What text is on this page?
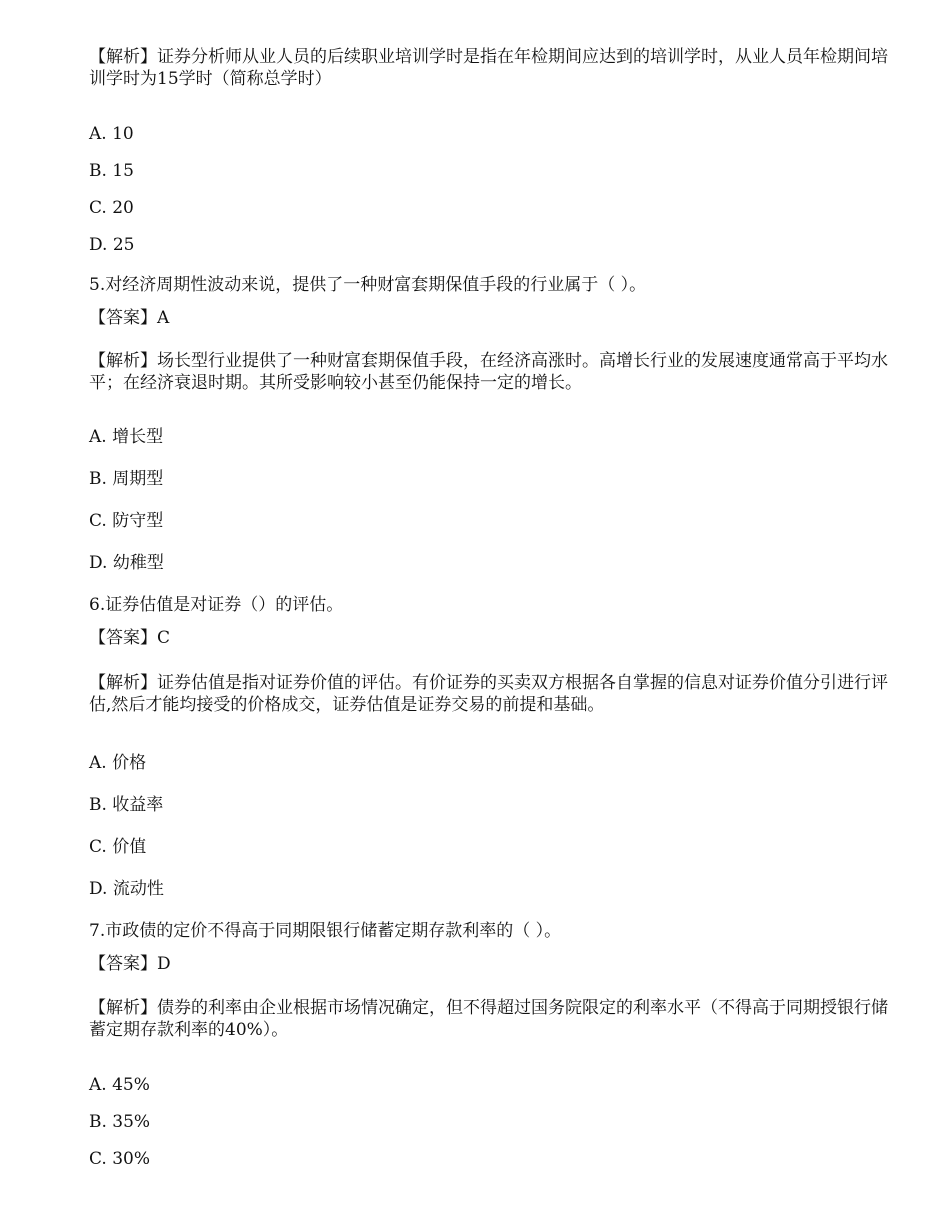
【解析】证券分析师从业人员的后续职业培训学时是指在年检期间应达到的培训学时，从业人员年检期间培训学时为15学时（简称总学时）
A. 10
B. 15
C. 20
D. 25
5.对经济周期性波动来说，提供了一种财富套期保值手段的行业属于（ ）。
【答案】A
【解析】场长型行业提供了一种财富套期保值手段，在经济高涨时。高增长行业的发展速度通常高于平均水平；在经济衰退时期。其所受影响较小甚至仍能保持一定的增长。
A. 增长型
B. 周期型
C. 防守型
D. 幼稚型
6.证券估值是对证券（）的评估。
【答案】C
【解析】证券估值是指对证券价值的评估。有价证券的买卖双方根据各自掌握的信息对证券价值分引进行评估,然后才能均接受的价格成交，证券估值是证券交易的前提和基础。
A. 价格
B. 收益率
C. 价值
D. 流动性
7.市政债的定价不得高于同期限银行储蓄定期存款利率的（ ）。
【答案】D
【解析】债券的利率由企业根据市场情况确定，但不得超过国务院限定的利率水平（不得高于同期授银行储蓄定期存款利率的40%）。
A. 45%
B. 35%
C. 30%
